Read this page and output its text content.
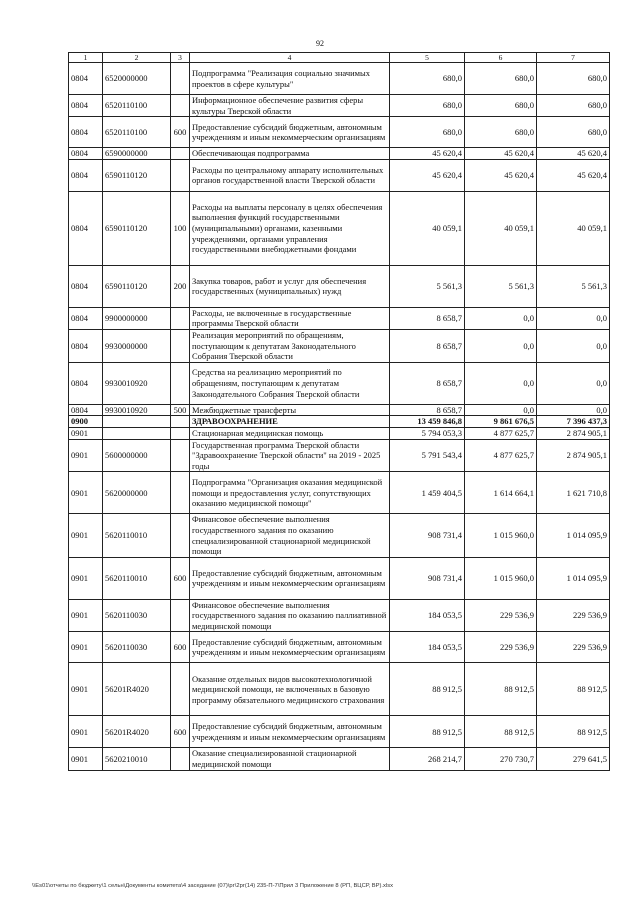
92
1	2	3	4	5	6	7
0804	6520000000		Подпрограмма "Реализация социально значимых проектов в сфере культуры"	680,0	680,0	680,0
0804	6520110100		Информационное обеспечение развития сферы культуры Тверской области	680,0	680,0	680,0
0804	6520110100	600	Предоставление субсидий бюджетным, автономным учреждениям и иным некоммерческим организациям	680,0	680,0	680,0
0804	6590000000		Обеспечивающая подпрограмма	45 620,4	45 620,4	45 620,4
0804	6590110120		Расходы по центральному аппарату исполнительных органов государственной власти Тверской области	45 620,4	45 620,4	45 620,4
0804	6590110120	100	Расходы на выплаты персоналу в целях обеспечения выполнения функций государственными (муниципальными) органами, казенными учреждениями, органами управления государственными внебюджетными фондами	40 059,1	40 059,1	40 059,1
0804	6590110120	200	Закупка товаров, работ и услуг для обеспечения государственных (муниципальных) нужд	5 561,3	5 561,3	5 561,3
0804	9900000000		Расходы, не включенные в государственные программы Тверской области	8 658,7	0,0	0,0
0804	9930000000		Реализация мероприятий по обращениям, поступающим к депутатам Законодательного Собрания Тверской области	8 658,7	0,0	0,0
0804	9930010920		Средства на реализацию мероприятий по обращениям, поступающим к депутатам Законодательного Собрания Тверской области	8 658,7	0,0	0,0
0804	9930010920	500	Межбюджетные трансферты	8 658,7	0,0	0,0
0900			ЗДРАВООХРАНЕНИЕ	13 459 846,8	9 861 676,5	7 396 437,3
0901			Стационарная медицинская помощь	5 794 053,3	4 877 625,7	2 874 905,1
0901	5600000000		Государственная программа Тверской области "Здравоохранение Тверской области" на 2019 - 2025 годы	5 791 543,4	4 877 625,7	2 874 905,1
0901	5620000000		Подпрограмма "Организация оказания медицинской помощи и предоставления услуг, сопутствующих оказанию медицинской помощи"	1 459 404,5	1 614 664,1	1 621 710,8
0901	5620110010		Финансовое обеспечение выполнения государственного задания по оказанию специализированной стационарной медицинской помощи	908 731,4	1 015 960,0	1 014 095,9
0901	5620110010	600	Предоставление субсидий бюджетным, автономным учреждениям и иным некоммерческим организациям	908 731,4	1 015 960,0	1 014 095,9
0901	5620110030		Финансовое обеспечение выполнения государственного задания по оказанию паллиативной медицинской помощи	184 053,5	229 536,9	229 536,9
0901	5620110030	600	Предоставление субсидий бюджетным, автономным учреждениям и иным некоммерческим организациям	184 053,5	229 536,9	229 536,9
0901	56201R4020		Оказание отдельных видов высокотехнологичной медицинской помощи, не включенных в базовую программу обязательного медицинского страхования	88 912,5	88 912,5	88 912,5
0901	56201R4020	600	Предоставление субсидий бюджетным, автономным учреждениям и иным некоммерческим организациям	88 912,5	88 912,5	88 912,5
0901	5620210010		Оказание специализированной стационарной медицинской помощи	268 214,7	270 730,7	279 641,5
\\Es01\отчеты по бюджету\1 сельн\Документы комитета\4 заседание (07)\рг\2рг(14) 235-П-7\Прил 3 Приложение 8 (РП, ВЦСР, ВР).xlsx
